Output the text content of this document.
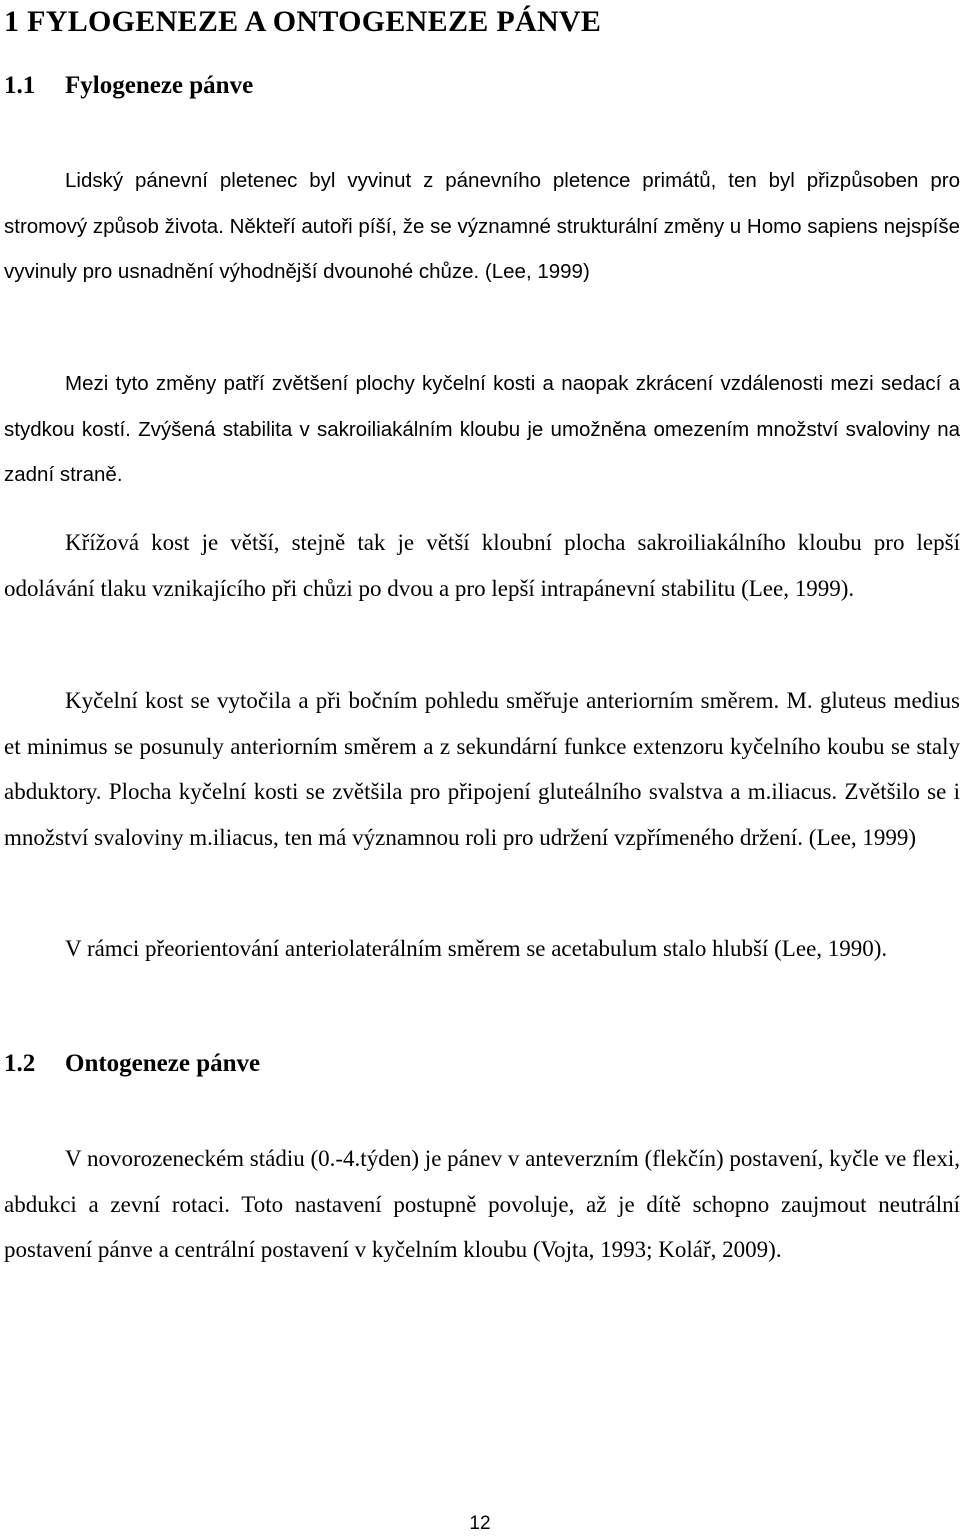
1 FYLOGENEZE A ONTOGENEZE PÁNVE
1.1 Fylogeneze pánve

Lidský pánevní pletenec byl vyvinut z pánevního pletence primátů, ten byl přizpůsoben pro stromový způsob života. Někteří autoři píší, že se významné strukturální změny u Homo sapiens nejspíše vyvinuly pro usnadnění výhodnější dvounohé chůze. (Lee, 1999)

Mezi tyto změny patří zvětšení plochy kyčelní kosti a naopak zkrácení vzdálenosti mezi sedací a stydkou kostí. Zvýšená stabilita v sakroiliakálním kloubu je umožněna omezením množství svaloviny na zadní straně.

Křížová kost je větší, stejně tak je větší kloubní plocha sakroiliakálního kloubu pro lepší odolávání tlaku vznikajícího při chůzi po dvou a pro lepší intrapánevní stabilitu (Lee, 1999).

Kyčelní kost se vytočila a při bočním pohledu směřuje anteriorním směrem. M. gluteus medius et minimus se posunuly anteriorním směrem a z sekundární funkce extenzoru kyčelního koubu se staly abduktory. Plocha kyčelní kosti se zvětšila pro připojení gluteálního svalstva a m.iliacus. Zvětšilo se i množství svaloviny m.iliacus, ten má významnou roli pro udržení vzpřímeného držení. (Lee, 1999)

V rámci přeorientování anteriolaterálním směrem se acetabulum stalo hlubší (Lee, 1990).

1.2 Ontogeneze pánve

V novorozeneckém stádiu (0.-4.týden) je pánev v anteverzním (flekčín) postavení, kyčle ve flexi, abdukci a zevní rotaci. Toto nastavení postupně povoluje, až je dítě schopno zaujmout neutrální postavení pánve a centrální postavení v kyčelním kloubu (Vojta, 1993; Kolář, 2009).

12
